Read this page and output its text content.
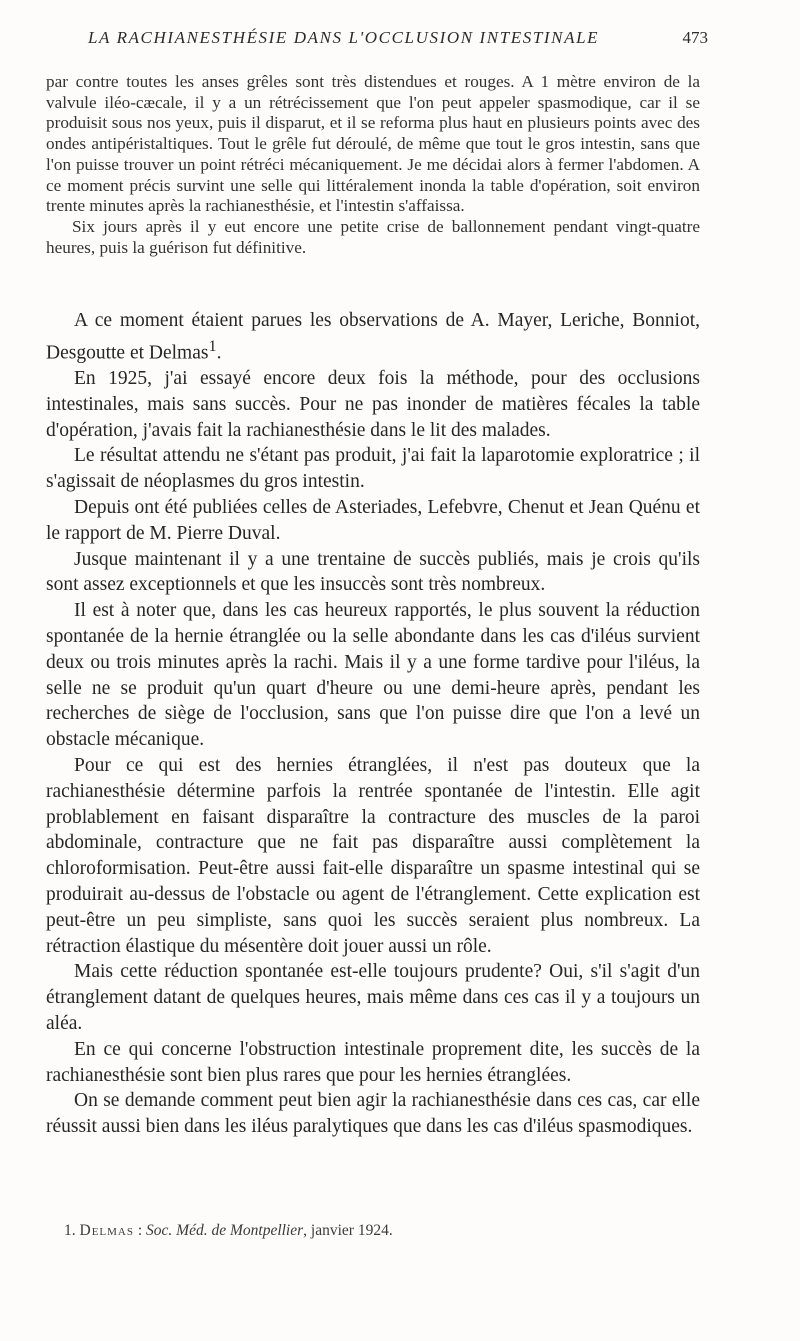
LA RACHIANESTHÉSIE DANS L'OCCLUSION INTESTINALE	473

par contre toutes les anses grêles sont très distendues et rouges. A 1 mètre environ de la valvule iléo-cæcale, il y a un rétrécissement que l'on peut appeler spasmodique, car il se produisit sous nos yeux, puis il disparut, et il se reforma plus haut en plusieurs points avec des ondes antipéristaltiques. Tout le grêle fut déroulé, de même que tout le gros intestin, sans que l'on puisse trouver un point rétréci mécaniquement. Je me décidai alors à fermer l'abdomen. A ce moment précis survint une selle qui littéralement inonda la table d'opération, soit environ trente minutes après la rachianesthésie, et l'intestin s'affaissa.

Six jours après il y eut encore une petite crise de ballonnement pendant vingt-quatre heures, puis la guérison fut définitive.

A ce moment étaient parues les observations de A. Mayer, Leriche, Bonniot, Desgoutte et Delmas$^1$.

En 1925, j'ai essayé encore deux fois la méthode, pour des occlusions intestinales, mais sans succès. Pour ne pas inonder de matières fécales la table d'opération, j'avais fait la rachianesthésie dans le lit des malades.

Le résultat attendu ne s'étant pas produit, j'ai fait la laparotomie exploratrice ; il s'agissait de néoplasmes du gros intestin.

Depuis ont été publiées celles de Asteriades, Lefebvre, Chenut et Jean Quénu et le rapport de M. Pierre Duval.

Jusque maintenant il y a une trentaine de succès publiés, mais je crois qu'ils sont assez exceptionnels et que les insuccès sont très nombreux.

Il est à noter que, dans les cas heureux rapportés, le plus souvent la réduction spontanée de la hernie étranglée ou la selle abondante dans les cas d'iléus survient deux ou trois minutes après la rachi. Mais il y a une forme tardive pour l'iléus, la selle ne se produit qu'un quart d'heure ou une demi-heure après, pendant les recherches de siège de l'occlusion, sans que l'on puisse dire que l'on a levé un obstacle mécanique.

Pour ce qui est des hernies étranglées, il n'est pas douteux que la rachianesthésie détermine parfois la rentrée spontanée de l'intestin. Elle agit problablement en faisant disparaître la contracture des muscles de la paroi abdominale, contracture que ne fait pas disparaître aussi complètement la chloroformisation. Peut-être aussi fait-elle disparaître un spasme intestinal qui se produirait au-dessus de l'obstacle ou agent de l'étranglement. Cette explication est peut-être un peu simpliste, sans quoi les succès seraient plus nombreux. La rétraction élastique du mésentère doit jouer aussi un rôle.

Mais cette réduction spontanée est-elle toujours prudente? Oui, s'il s'agit d'un étranglement datant de quelques heures, mais même dans ces cas il y a toujours un aléa.

En ce qui concerne l'obstruction intestinale proprement dite, les succès de la rachianesthésie sont bien plus rares que pour les hernies étranglées.

On se demande comment peut bien agir la rachianesthésie dans ces cas, car elle réussit aussi bien dans les iléus paralytiques que dans les cas d'iléus spasmodiques.

1. Delmas : Soc. Méd. de Montpellier, janvier 1924.
